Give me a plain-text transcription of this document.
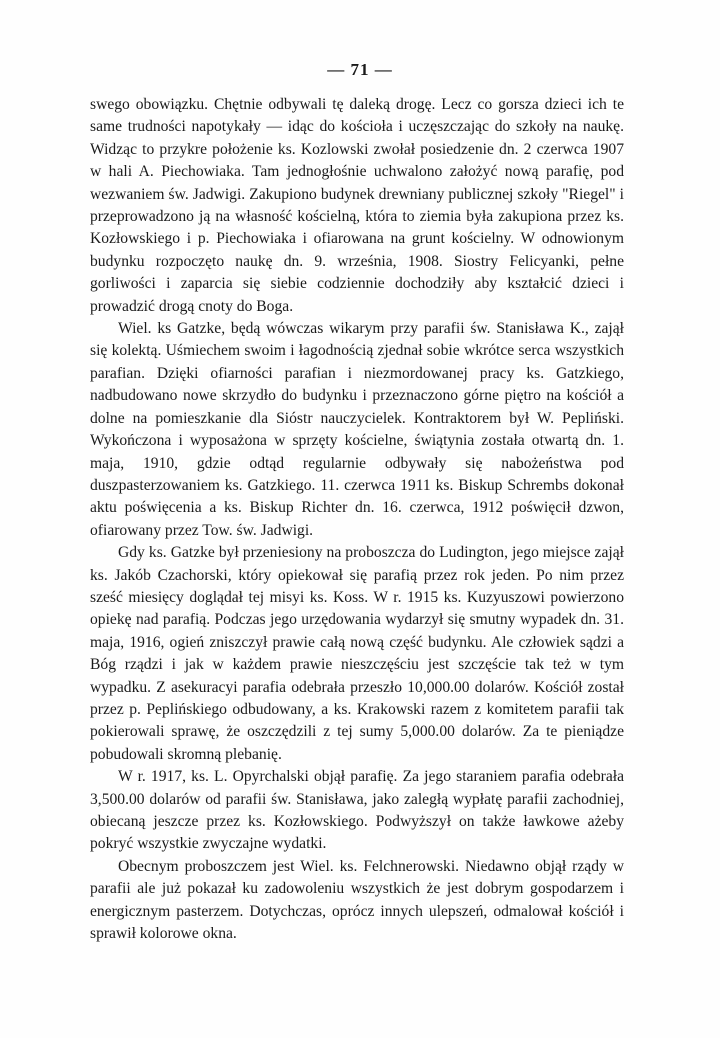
— 71 —

swego obowiązku. Chętnie odbywali tę daleką drogę. Lecz co gorsza dzieci ich te same trudności napotykały — idąc do kościoła i uczęszczając do szkoły na naukę. Widząc to przykre położenie ks. Kozlowski zwołał posiedzenie dn. 2 czerwca 1907 w hali A. Piechowiaka. Tam jednogłośnie uchwalono założyć nową parafię, pod wezwaniem św. Jadwigi. Zakupiono budynek drewniany publicznej szkoły "Riegel" i przeprowadzono ją na własność kościelną, która to ziemia była zakupiona przez ks. Kozłowskiego i p. Piechowiaka i ofiarowana na grunt kościelny. W odnowionym budynku rozpoczęto naukę dn. 9. września, 1908. Siostry Felicyanki, pełne gorliwości i zaparcia się siebie codziennie dochodziły aby kształcić dzieci i prowadzić drogą cnoty do Boga.

Wiel. ks Gatzke, będą wówczas wikarym przy parafii św. Stanisława K., zajął się kolektą. Uśmiechem swoim i łagodnością zjednał sobie wkrótce serca wszystkich parafian. Dzięki ofiarności parafian i niezmordowanej pracy ks. Gatzkiego, nadbudowano nowe skrzydło do budynku i przeznaczono górne piętro na kościół a dolne na pomieszkanie dla Sióstr nauczycielek. Kontraktorem był W. Pepliński. Wykończona i wyposażona w sprzęty kościelne, świątynia została otwartą dn. 1. maja, 1910, gdzie odtąd regularnie odbywały się nabożeństwa pod duszpasterzowaniem ks. Gatzkiego. 11. czerwca 1911 ks. Biskup Schrembs dokonał aktu poświęcenia a ks. Biskup Richter dn. 16. czerwca, 1912 poświęcił dzwon, ofiarowany przez Tow. św. Jadwigi.

Gdy ks. Gatzke był przeniesiony na proboszcza do Ludington, jego miejsce zajął ks. Jakób Czachorski, który opiekował się parafią przez rok jeden. Po nim przez sześć miesięcy doglądał tej misyi ks. Koss. W r. 1915 ks. Kuzyuszowi powierzono opiekę nad parafią. Podczas jego urzędowania wydarzył się smutny wypadek dn. 31. maja, 1916, ogień zniszczył prawie całą nową część budynku. Ale człowiek sądzi a Bóg rządzi i jak w każdem prawie nieszczęściu jest szczęście tak też w tym wypadku. Z asekuracyi parafia odebrała przeszło 10,000.00 dolarów. Kościół został przez p. Peplińskiego odbudowany, a ks. Krakowski razem z komitetem parafii tak pokierowali sprawę, że oszczędzili z tej sumy 5,000.00 dolarów. Za te pieniądze pobudowali skromną plebanię.

W r. 1917, ks. L. Opyrchalski objął parafię. Za jego staraniem parafia odebrała 3,500.00 dolarów od parafii św. Stanisława, jako zaległą wypłatę parafii zachodniej, obiecaną jeszcze przez ks. Kozłowskiego. Podwyższył on także ławkowe ażeby pokryć wszystkie zwyczajne wydatki.

Obecnym proboszczem jest Wiel. ks. Felchnerowski. Niedawno objął rządy w parafii ale już pokazał ku zadowoleniu wszystkich że jest dobrym gospodarzem i energicznym pasterzem. Dotychczas, oprócz innych ulepszeń, odmalował kościół i sprawił kolorowe okna.
